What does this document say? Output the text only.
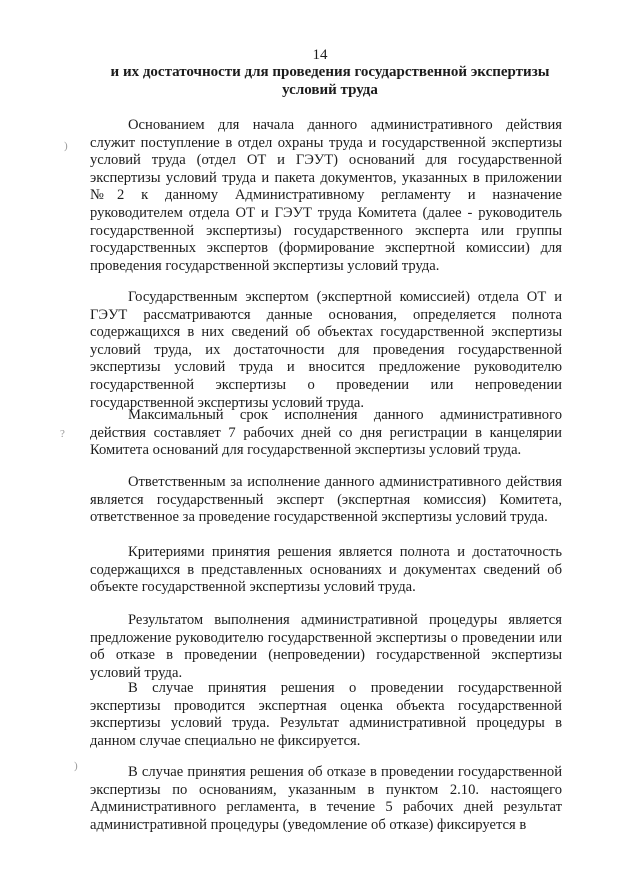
14
и их достаточности для проведения государственной экспертизы условий труда

Основанием для начала данного административного действия служит поступление в отдел охраны труда и государственной экспертизы условий труда (отдел ОТ и ГЭУТ) оснований для государственной экспертизы условий труда и пакета документов, указанных в приложении №2 к данному Административному регламенту и назначение руководителем отдела ОТ и ГЭУТ труда Комитета (далее - руководитель государственной экспертизы) государственного эксперта или группы государственных экспертов (формирование экспертной комиссии) для проведения государственной экспертизы условий труда.

Государственным экспертом (экспертной комиссией) отдела ОТ и ГЭУТ рассматриваются данные основания, определяется полнота содержащихся в них сведений об объектах государственной экспертизы условий труда, их достаточности для проведения государственной экспертизы условий труда и вносится предложение руководителю государственной экспертизы о проведении или непроведении государственной экспертизы условий труда.

Максимальный срок исполнения данного административного действия составляет 7 рабочих дней со дня регистрации в канцелярии Комитета оснований для государственной экспертизы условий труда.

Ответственным за исполнение данного административного действия является государственный эксперт (экспертная комиссия) Комитета, ответственное за проведение государственной экспертизы условий труда.

Критериями принятия решения является полнота и достаточность содержащихся в представленных основаниях и документах сведений об объекте государственной экспертизы условий труда.

Результатом выполнения административной процедуры является предложение руководителю государственной экспертизы о проведении или об отказе в проведении (непроведении) государственной экспертизы условий труда.

В случае принятия решения о проведении государственной экспертизы проводится экспертная оценка объекта государственной экспертизы условий труда. Результат административной процедуры в данном случае специально не фиксируется.

В случае принятия решения об отказе в проведении государственной экспертизы по основаниям, указанным в пунктом 2.10. настоящего Административного регламента, в течение 5 рабочих дней результат административной процедуры (уведомление об отказе) фиксируется в

)
?
)
